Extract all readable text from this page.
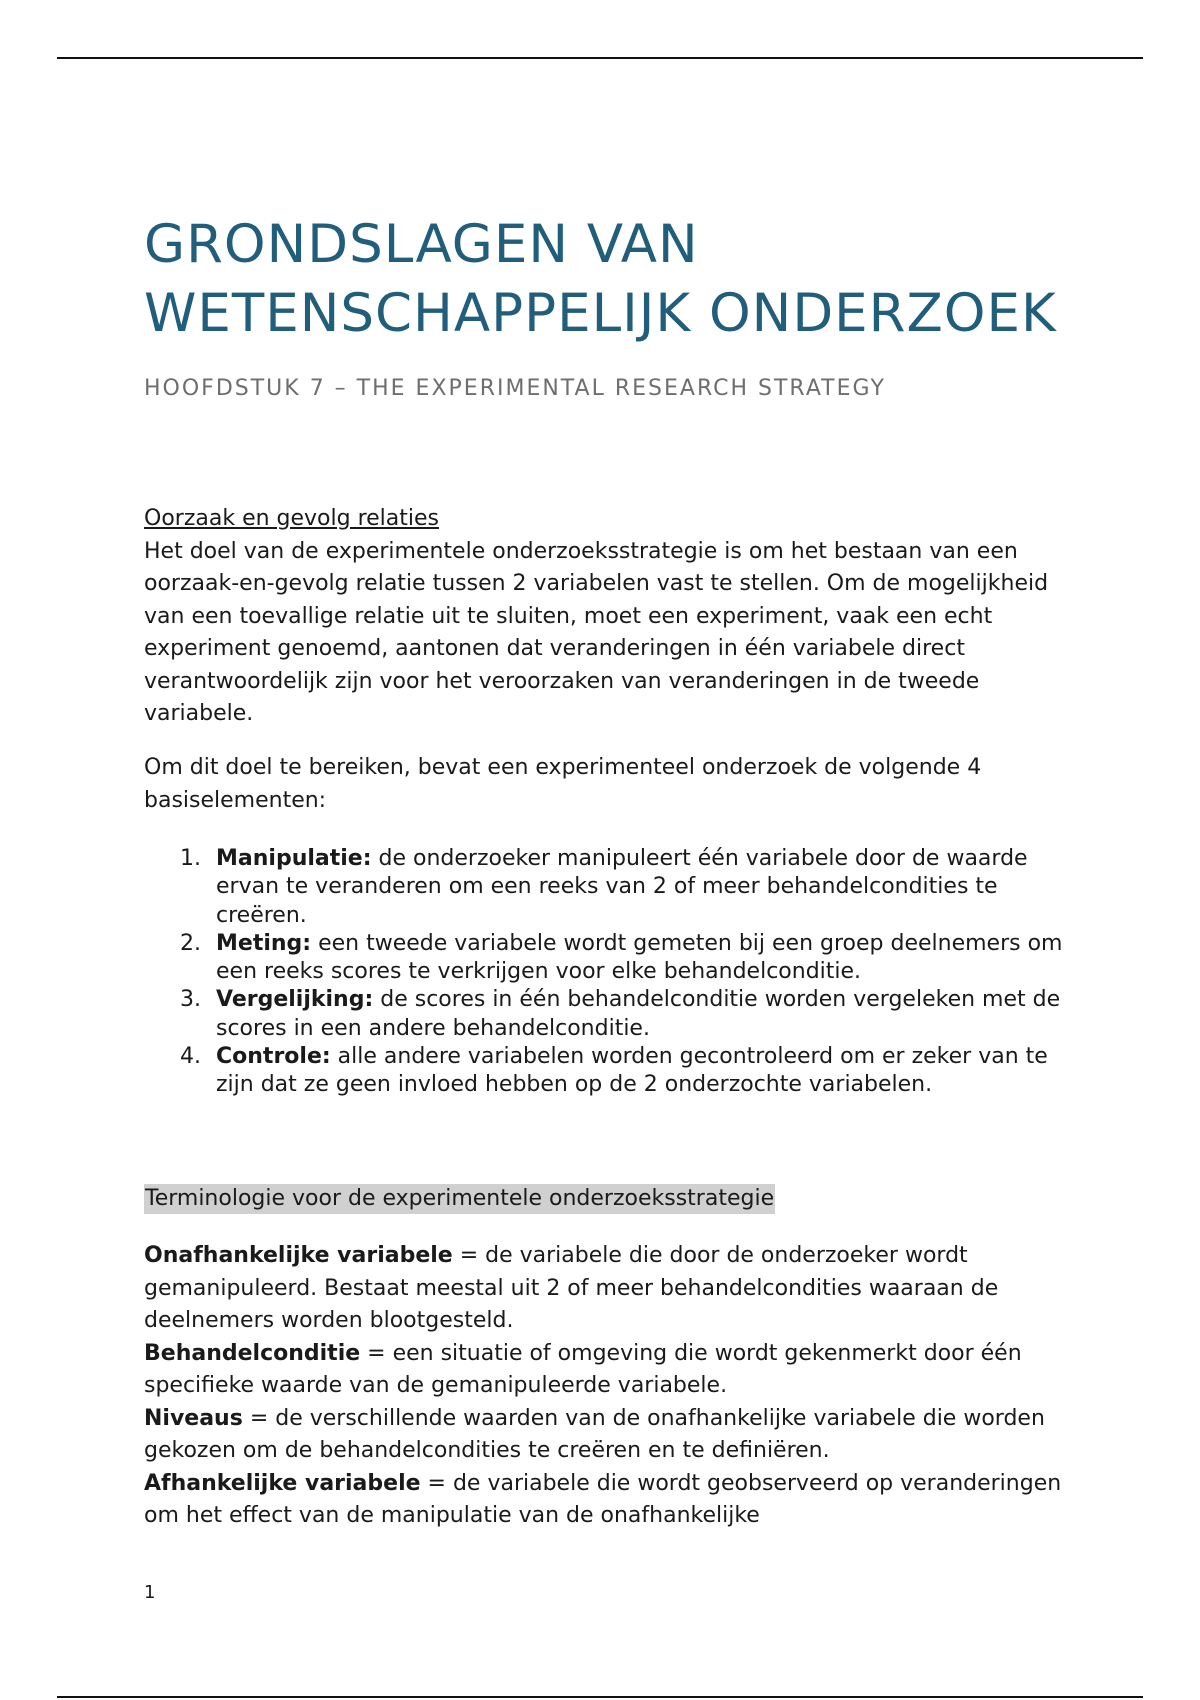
GRONDSLAGEN VAN WETENSCHAPPELIJK ONDERZOEK
HOOFDSTUK 7 – THE EXPERIMENTAL RESEARCH STRATEGY
Oorzaak en gevolg relaties

Het doel van de experimentele onderzoeksstrategie is om het bestaan van een oorzaak-en-gevolg relatie tussen 2 variabelen vast te stellen. Om de mogelijkheid van een toevallige relatie uit te sluiten, moet een experiment, vaak een echt experiment genoemd, aantonen dat veranderingen in één variabele direct verantwoordelijk zijn voor het veroorzaken van veranderingen in de tweede variabele.

Om dit doel te bereiken, bevat een experimenteel onderzoek de volgende 4 basiselementen:

1. Manipulatie: de onderzoeker manipuleert één variabele door de waarde ervan te veranderen om een reeks van 2 of meer behandelcondities te creëren.
2. Meting: een tweede variabele wordt gemeten bij een groep deelnemers om een reeks scores te verkrijgen voor elke behandelconditie.
3. Vergelijking: de scores in één behandelconditie worden vergeleken met de scores in een andere behandelconditie.
4. Controle: alle andere variabelen worden gecontroleerd om er zeker van te zijn dat ze geen invloed hebben op de 2 onderzochte variabelen.
Terminologie voor de experimentele onderzoeksstrategie

Onafhankelijke variabele = de variabele die door de onderzoeker wordt gemanipuleerd. Bestaat meestal uit 2 of meer behandelcondities waaraan de deelnemers worden blootgesteld.

Behandelconditie = een situatie of omgeving die wordt gekenmerkt door één specifieke waarde van de gemanipuleerde variabele.

Niveaus = de verschillende waarden van de onafhankelijke variabele die worden gekozen om de behandelcondities te creëren en te definiëren.

Afhankelijke variabele = de variabele die wordt geobserveerd op veranderingen om het effect van de manipulatie van de onafhankelijke

1
